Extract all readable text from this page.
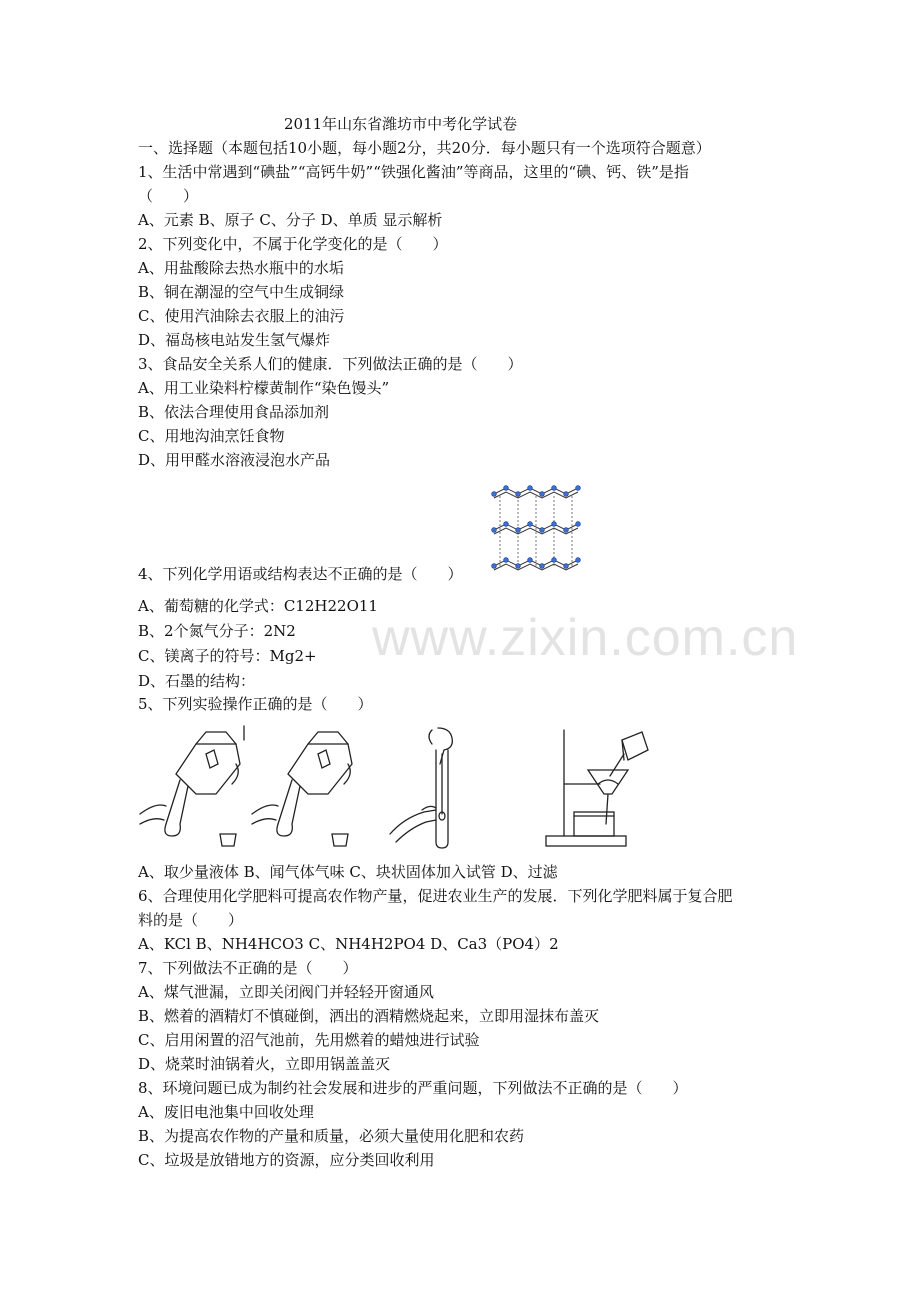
www.zixin.com.cn
2011年山东省潍坊市中考化学试卷
一、选择题（本题包括10小题，每小题2分，共20分．每小题只有一个选项符合题意）
1、生活中常遇到“碘盐”“高钙牛奶”“铁强化酱油”等商品，这里的“碘、钙、铁”是指
（　　）
A、元素 B、原子 C、分子 D、单质 显示解析
2、下列变化中，不属于化学变化的是（　　）
A、用盐酸除去热水瓶中的水垢
B、铜在潮湿的空气中生成铜绿
C、使用汽油除去衣服上的油污
D、福岛核电站发生氢气爆炸
3、食品安全关系人们的健康．下列做法正确的是（　　）
A、用工业染料柠檬黄制作“染色馒头”
B、依法合理使用食品添加剂
C、用地沟油烹饪食物
D、用甲醛水溶液浸泡水产品
4、下列化学用语或结构表达不正确的是（　　）
A、葡萄糖的化学式：C12H22O11
B、2个氮气分子：2N2
C、镁离子的符号：Mg2+
D、石墨的结构：
5、下列实验操作正确的是（　　）
A、取少量液体 B、闻气体气味 C、块状固体加入试管 D、过滤
6、合理使用化学肥料可提高农作物产量，促进农业生产的发展．下列化学肥料属于复合肥
料的是（　　）
A、KCl B、NH4HCO3 C、NH4H2PO4 D、Ca3（PO4）2
7、下列做法不正确的是（　　）
A、煤气泄漏，立即关闭阀门并轻轻开窗通风
B、燃着的酒精灯不慎碰倒，洒出的酒精燃烧起来，立即用湿抹布盖灭
C、启用闲置的沼气池前，先用燃着的蜡烛进行试验
D、烧菜时油锅着火，立即用锅盖盖灭
8、环境问题已成为制约社会发展和进步的严重问题，下列做法不正确的是（　　）
A、废旧电池集中回收处理
B、为提高农作物的产量和质量，必须大量使用化肥和农药
C、垃圾是放错地方的资源，应分类回收利用
